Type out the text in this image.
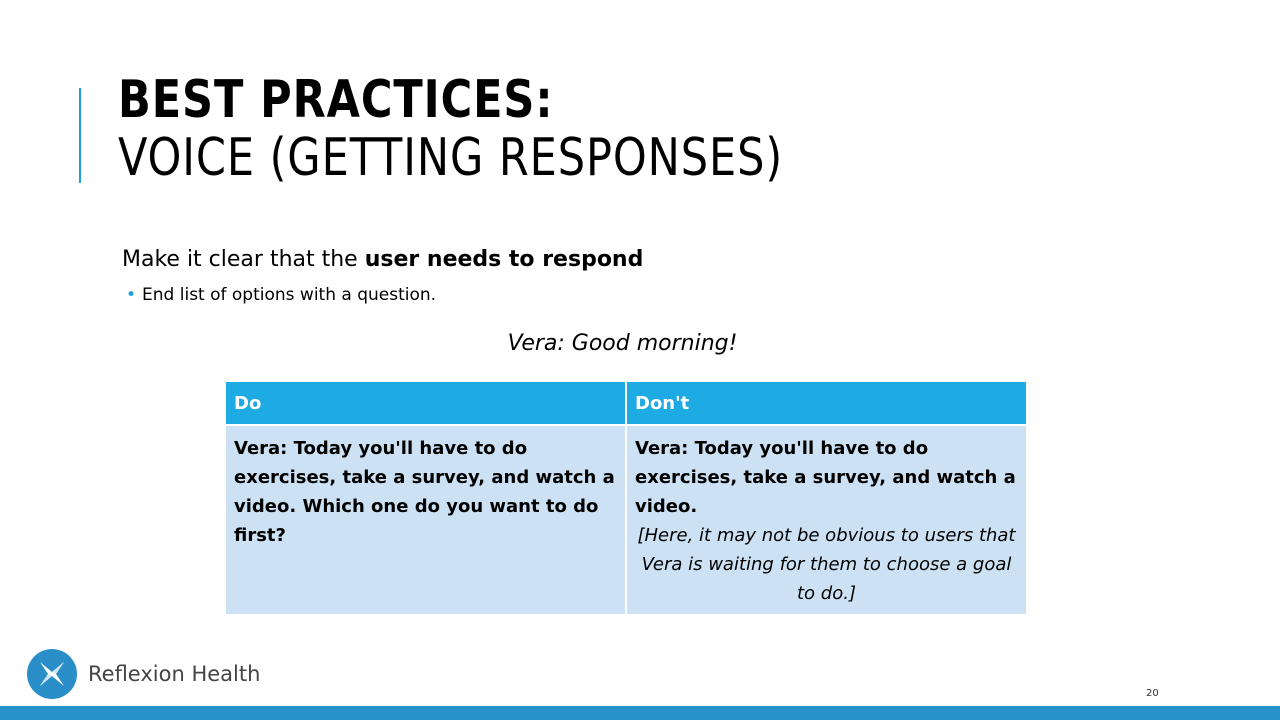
BEST PRACTICES:
VOICE (GETTING RESPONSES)
Make it clear that the user needs to respond
• End list of options with a question.
Vera: Good morning!
Do	Don't

Vera: Today you'll have to do exercises, take a survey, and watch a video. Which one do you want to do first?	Vera: Today you'll have to do exercises, take a survey, and watch a video.
[Here, it may not be obvious to users that Vera is waiting for them to choose a goal to do.]
Reflexion Health
20
